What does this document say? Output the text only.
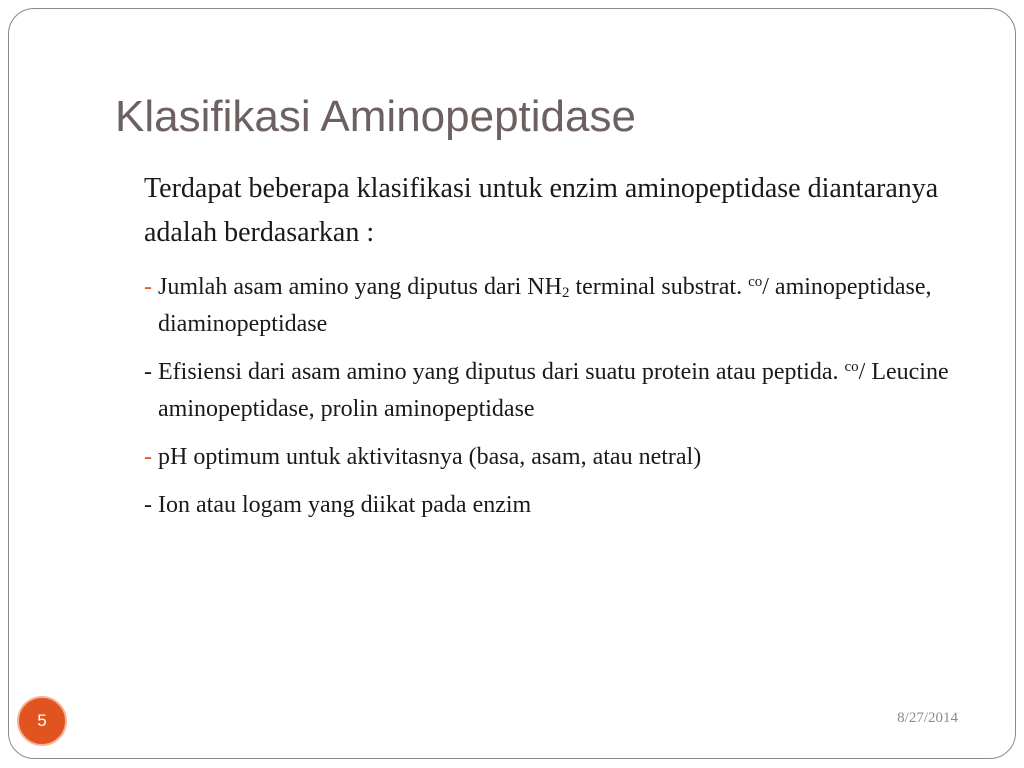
Klasifikasi Aminopeptidase

Terdapat beberapa klasifikasi untuk enzim aminopeptidase diantaranya adalah berdasarkan :

- Jumlah asam amino yang diputus dari $NH_2$ terminal substrat. $^{co}$/ aminopeptidase, diaminopeptidase
- Efisiensi dari asam amino yang diputus dari suatu protein atau peptida. $^{co}$/ Leucine aminopeptidase, prolin aminopeptidase
- pH optimum untuk aktivitasnya (basa, asam, atau netral)
- Ion atau logam yang diikat pada enzim
5	8/27/2014
